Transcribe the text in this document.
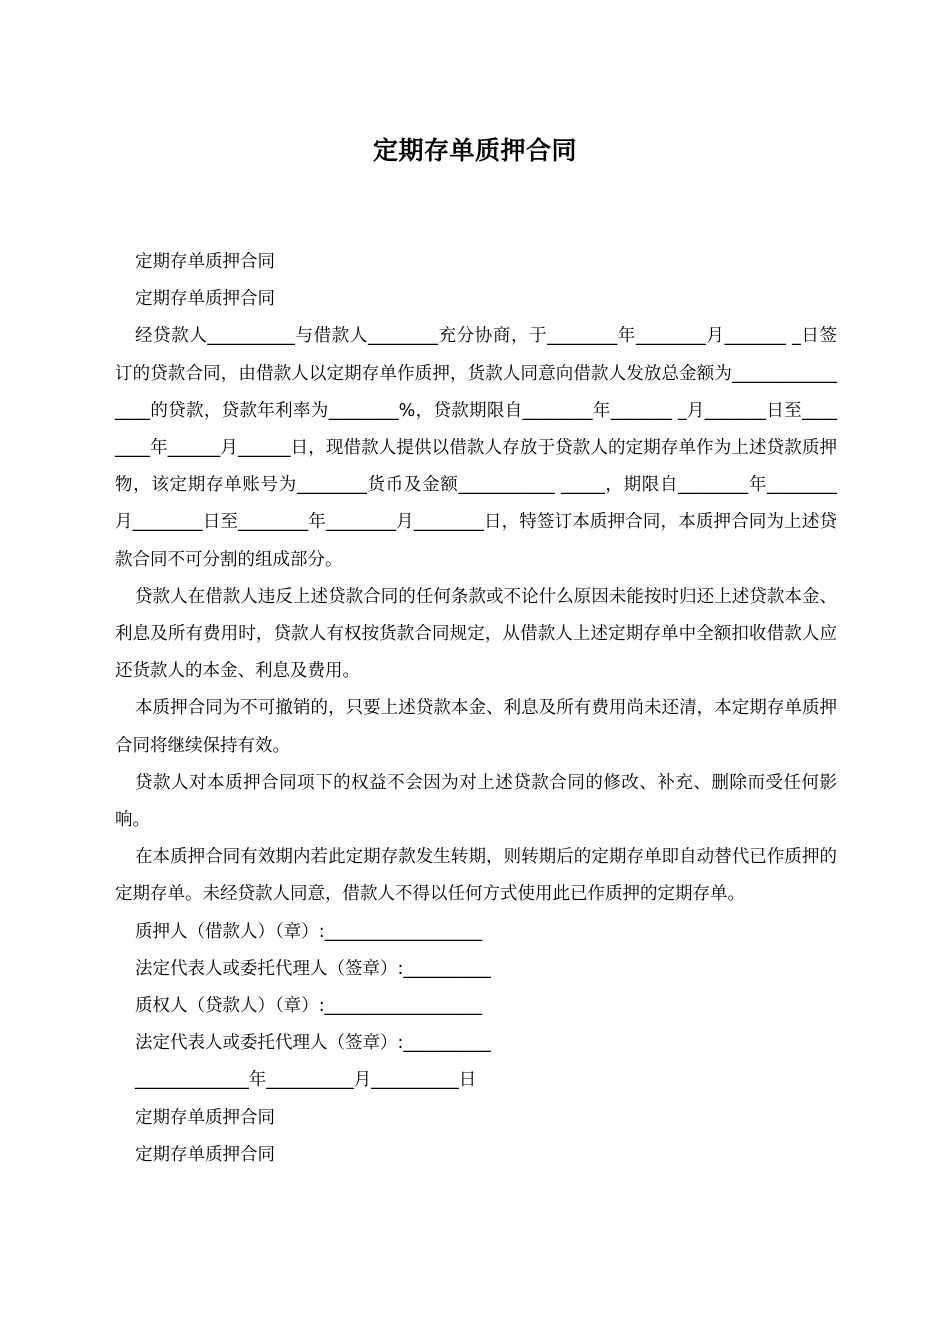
定期存单质押合同

定期存单质押合同

定期存单质押合同

经贷款人__________与借款人________充分协商，于________年________月_______ _日签订的贷款合同，由借款人以定期存单作质押，货款人同意向借款人发放总金额为________________的贷款，贷款年利率为________%，贷款期限自________年_______ _月_______日至________年______月______日，现借款人提供以借款人存放于贷款人的定期存单作为上述贷款质押物，该定期存单账号为________货币及金额___________ _____，期限自________年________月________日至________年________月________日，特签订本质押合同，本质押合同为上述贷款合同不可分割的组成部分。

贷款人在借款人违反上述贷款合同的任何条款或不论什么原因未能按时归还上述贷款本金、利息及所有费用时，贷款人有权按货款合同规定，从借款人上述定期存单中全额扣收借款人应还货款人的本金、利息及费用。

本质押合同为不可撤销的，只要上述贷款本金、利息及所有费用尚未还清，本定期存单质押合同将继续保持有效。

贷款人对本质押合同项下的权益不会因为对上述贷款合同的修改、补充、删除而受任何影响。

在本质押合同有效期内若此定期存款发生转期，则转期后的定期存单即自动替代已作质押的定期存单。未经贷款人同意，借款人不得以任何方式使用此已作质押的定期存单。

质押人（借款人）（章）:__________________

法定代表人或委托代理人（签章）:__________

质权人（贷款人）（章）:__________________

法定代表人或委托代理人（签章）:__________

_____________年__________月__________日

定期存单质押合同

定期存单质押合同
